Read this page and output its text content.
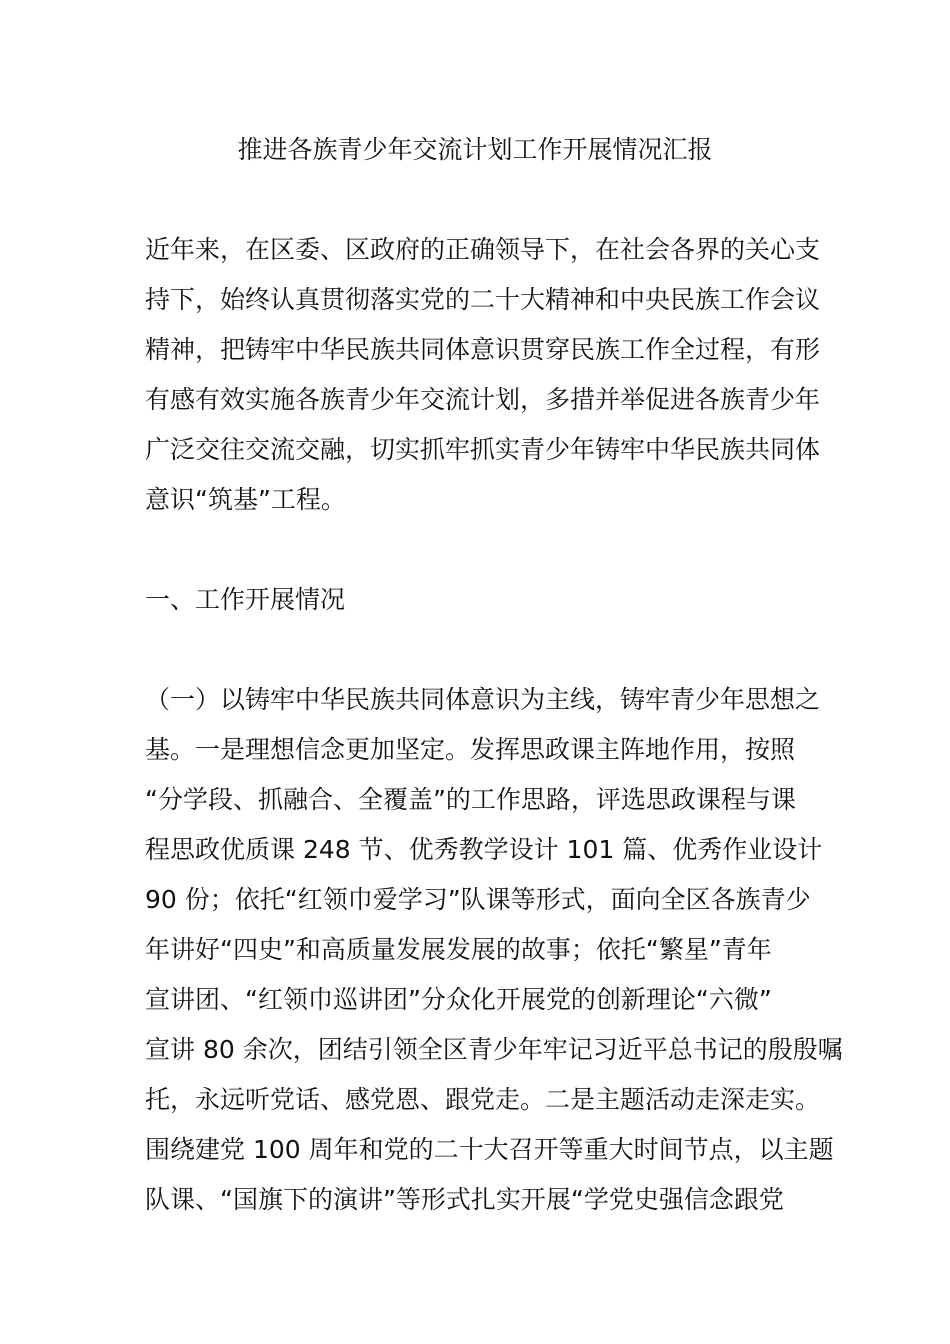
推进各族青少年交流计划工作开展情况汇报
近年来，在区委、区政府的正确领导下，在社会各界的关心支
持下，始终认真贯彻落实党的二十大精神和中央民族工作会议
精神，把铸牢中华民族共同体意识贯穿民族工作全过程，有形
有感有效实施各族青少年交流计划，多措并举促进各族青少年
广泛交往交流交融，切实抓牢抓实青少年铸牢中华民族共同体
意识“筑基”工程。
一、工作开展情况
（一）以铸牢中华民族共同体意识为主线，铸牢青少年思想之
基。一是理想信念更加坚定。发挥思政课主阵地作用，按照
“分学段、抓融合、全覆盖”的工作思路，评选思政课程与课
程思政优质课 248 节、优秀教学设计 101 篇、优秀作业设计
90 份；依托“红领巾爱学习”队课等形式，面向全区各族青少
年讲好“四史”和高质量发展发展的故事；依托“繁星”青年
宣讲团、“红领巾巡讲团”分众化开展党的创新理论“六微”
宣讲 80 余次，团结引领全区青少年牢记习近平总书记的殷殷嘱
托，永远听党话、感党恩、跟党走。二是主题活动走深走实。
围绕建党 100 周年和党的二十大召开等重大时间节点，以主题
队课、“国旗下的演讲”等形式扎实开展“学党史强信念跟党
